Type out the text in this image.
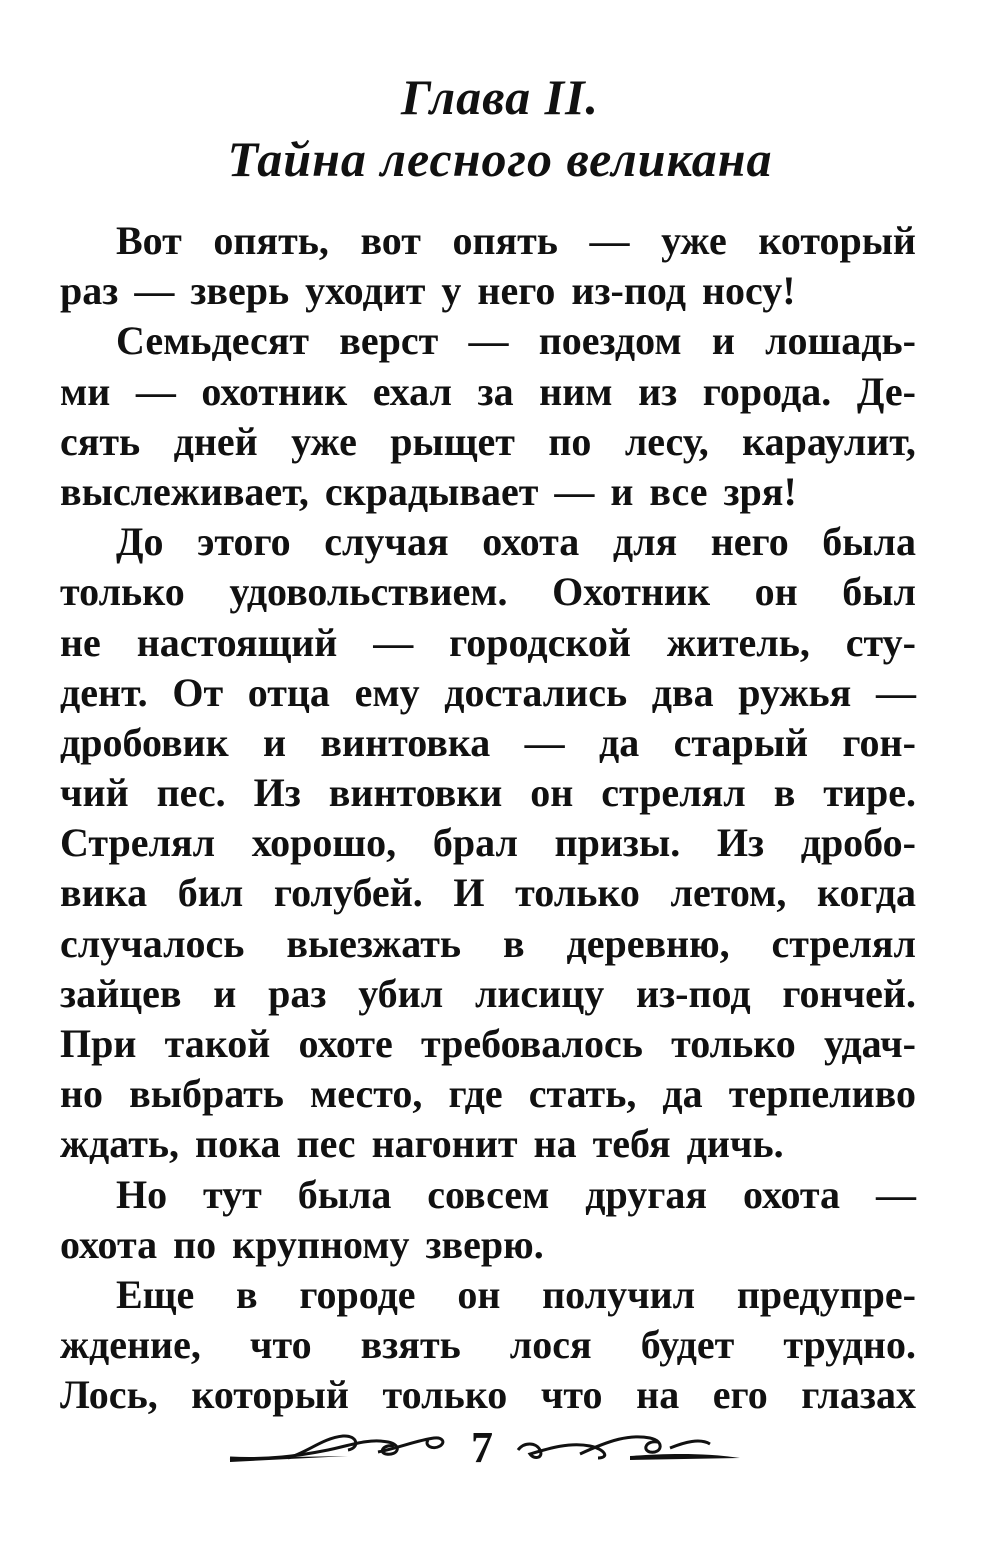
Глава II.
Тайна лесного великана
Вот опять, вот опять — уже который
раз — зверь уходит у него из-под носу!
Семьдесят верст — поездом и лошадь-
ми — охотник ехал за ним из города. Де-
сять дней уже рыщет по лесу, караулит,
выслеживает, скрадывает — и все зря!
До этого случая охота для него была
только удовольствием. Охотник он был
не настоящий — городской житель, сту-
дент. От отца ему достались два ружья —
дробовик и винтовка — да старый гон-
чий пес. Из винтовки он стрелял в тире.
Стрелял хорошо, брал призы. Из дробо-
вика бил голубей. И только летом, когда
случалось выезжать в деревню, стрелял
зайцев и раз убил лисицу из-под гончей.
При такой охоте требовалось только удач-
но выбрать место, где стать, да терпеливо
ждать, пока пес нагонит на тебя дичь.
Но тут была совсем другая охота —
охота по крупному зверю.
Еще в городе он получил предупре-
ждение, что взять лося будет трудно.
Лось, который только что на его глазах
7
